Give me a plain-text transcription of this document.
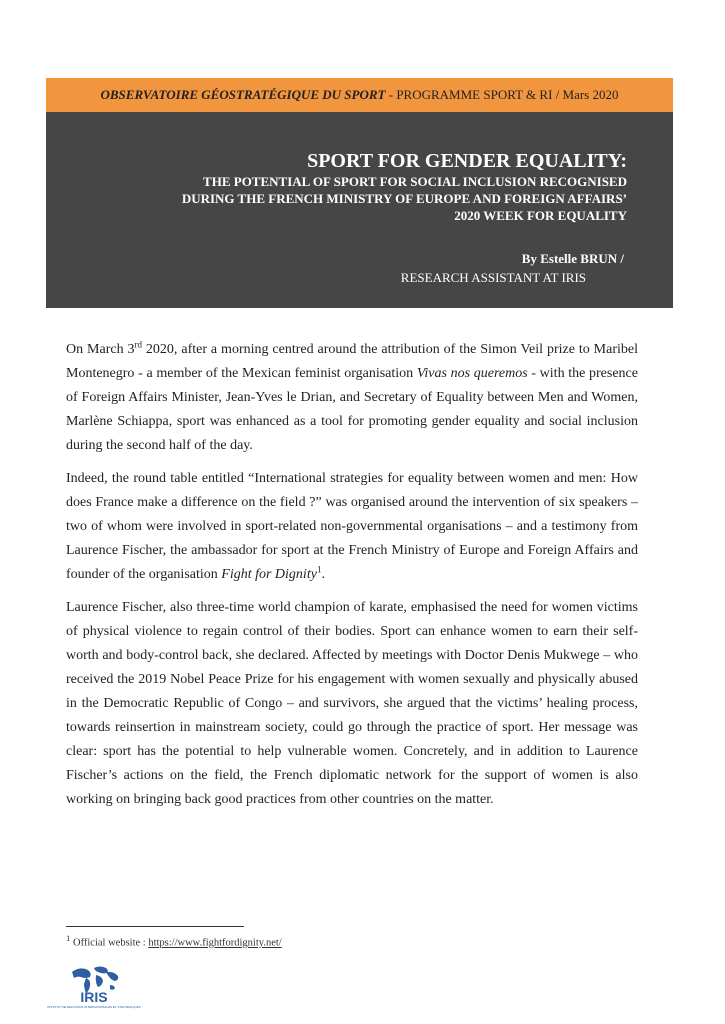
OBSERVATOIRE GÉOSTRATÉGIQUE DU SPORT - PROGRAMME SPORT & RI / Mars 2020
SPORT FOR GENDER EQUALITY:
THE POTENTIAL OF SPORT FOR SOCIAL INCLUSION RECOGNISED
DURING THE FRENCH MINISTRY OF EUROPE AND FOREIGN AFFAIRS’
2020 WEEK FOR EQUALITY
By Estelle BRUN /
RESEARCH ASSISTANT AT IRIS

On March 3rd 2020, after a morning centred around the attribution of the Simon Veil prize to Maribel Montenegro - a member of the Mexican feminist organisation Vivas nos queremos - with the presence of Foreign Affairs Minister, Jean-Yves le Drian, and Secretary of Equality between Men and Women, Marlène Schiappa, sport was enhanced as a tool for promoting gender equality and social inclusion during the second half of the day.

Indeed, the round table entitled “International strategies for equality between women and men: How does France make a difference on the field ?” was organised around the intervention of six speakers – two of whom were involved in sport-related non-governmental organisations – and a testimony from Laurence Fischer, the ambassador for sport at the French Ministry of Europe and Foreign Affairs and founder of the organisation Fight for Dignity$^1$.

Laurence Fischer, also three-time world champion of karate, emphasised the need for women victims of physical violence to regain control of their bodies. Sport can enhance women to earn their self-worth and body-control back, she declared. Affected by meetings with Doctor Denis Mukwege – who received the 2019 Nobel Peace Prize for his engagement with women sexually and physically abused in the Democratic Republic of Congo – and survivors, she argued that the victims’ healing process, towards reinsertion in mainstream society, could go through the practice of sport. Her message was clear: sport has the potential to help vulnerable women. Concretely, and in addition to Laurence Fischer’s actions on the field, the French diplomatic network for the support of women is also working on bringing back good practices from other countries on the matter.

$^1$ Official website : https://www.fightfordignity.net/
IRIS
INSTITUT DE RELATIONS INTERNATIONALES ET STRATÉGIQUES
